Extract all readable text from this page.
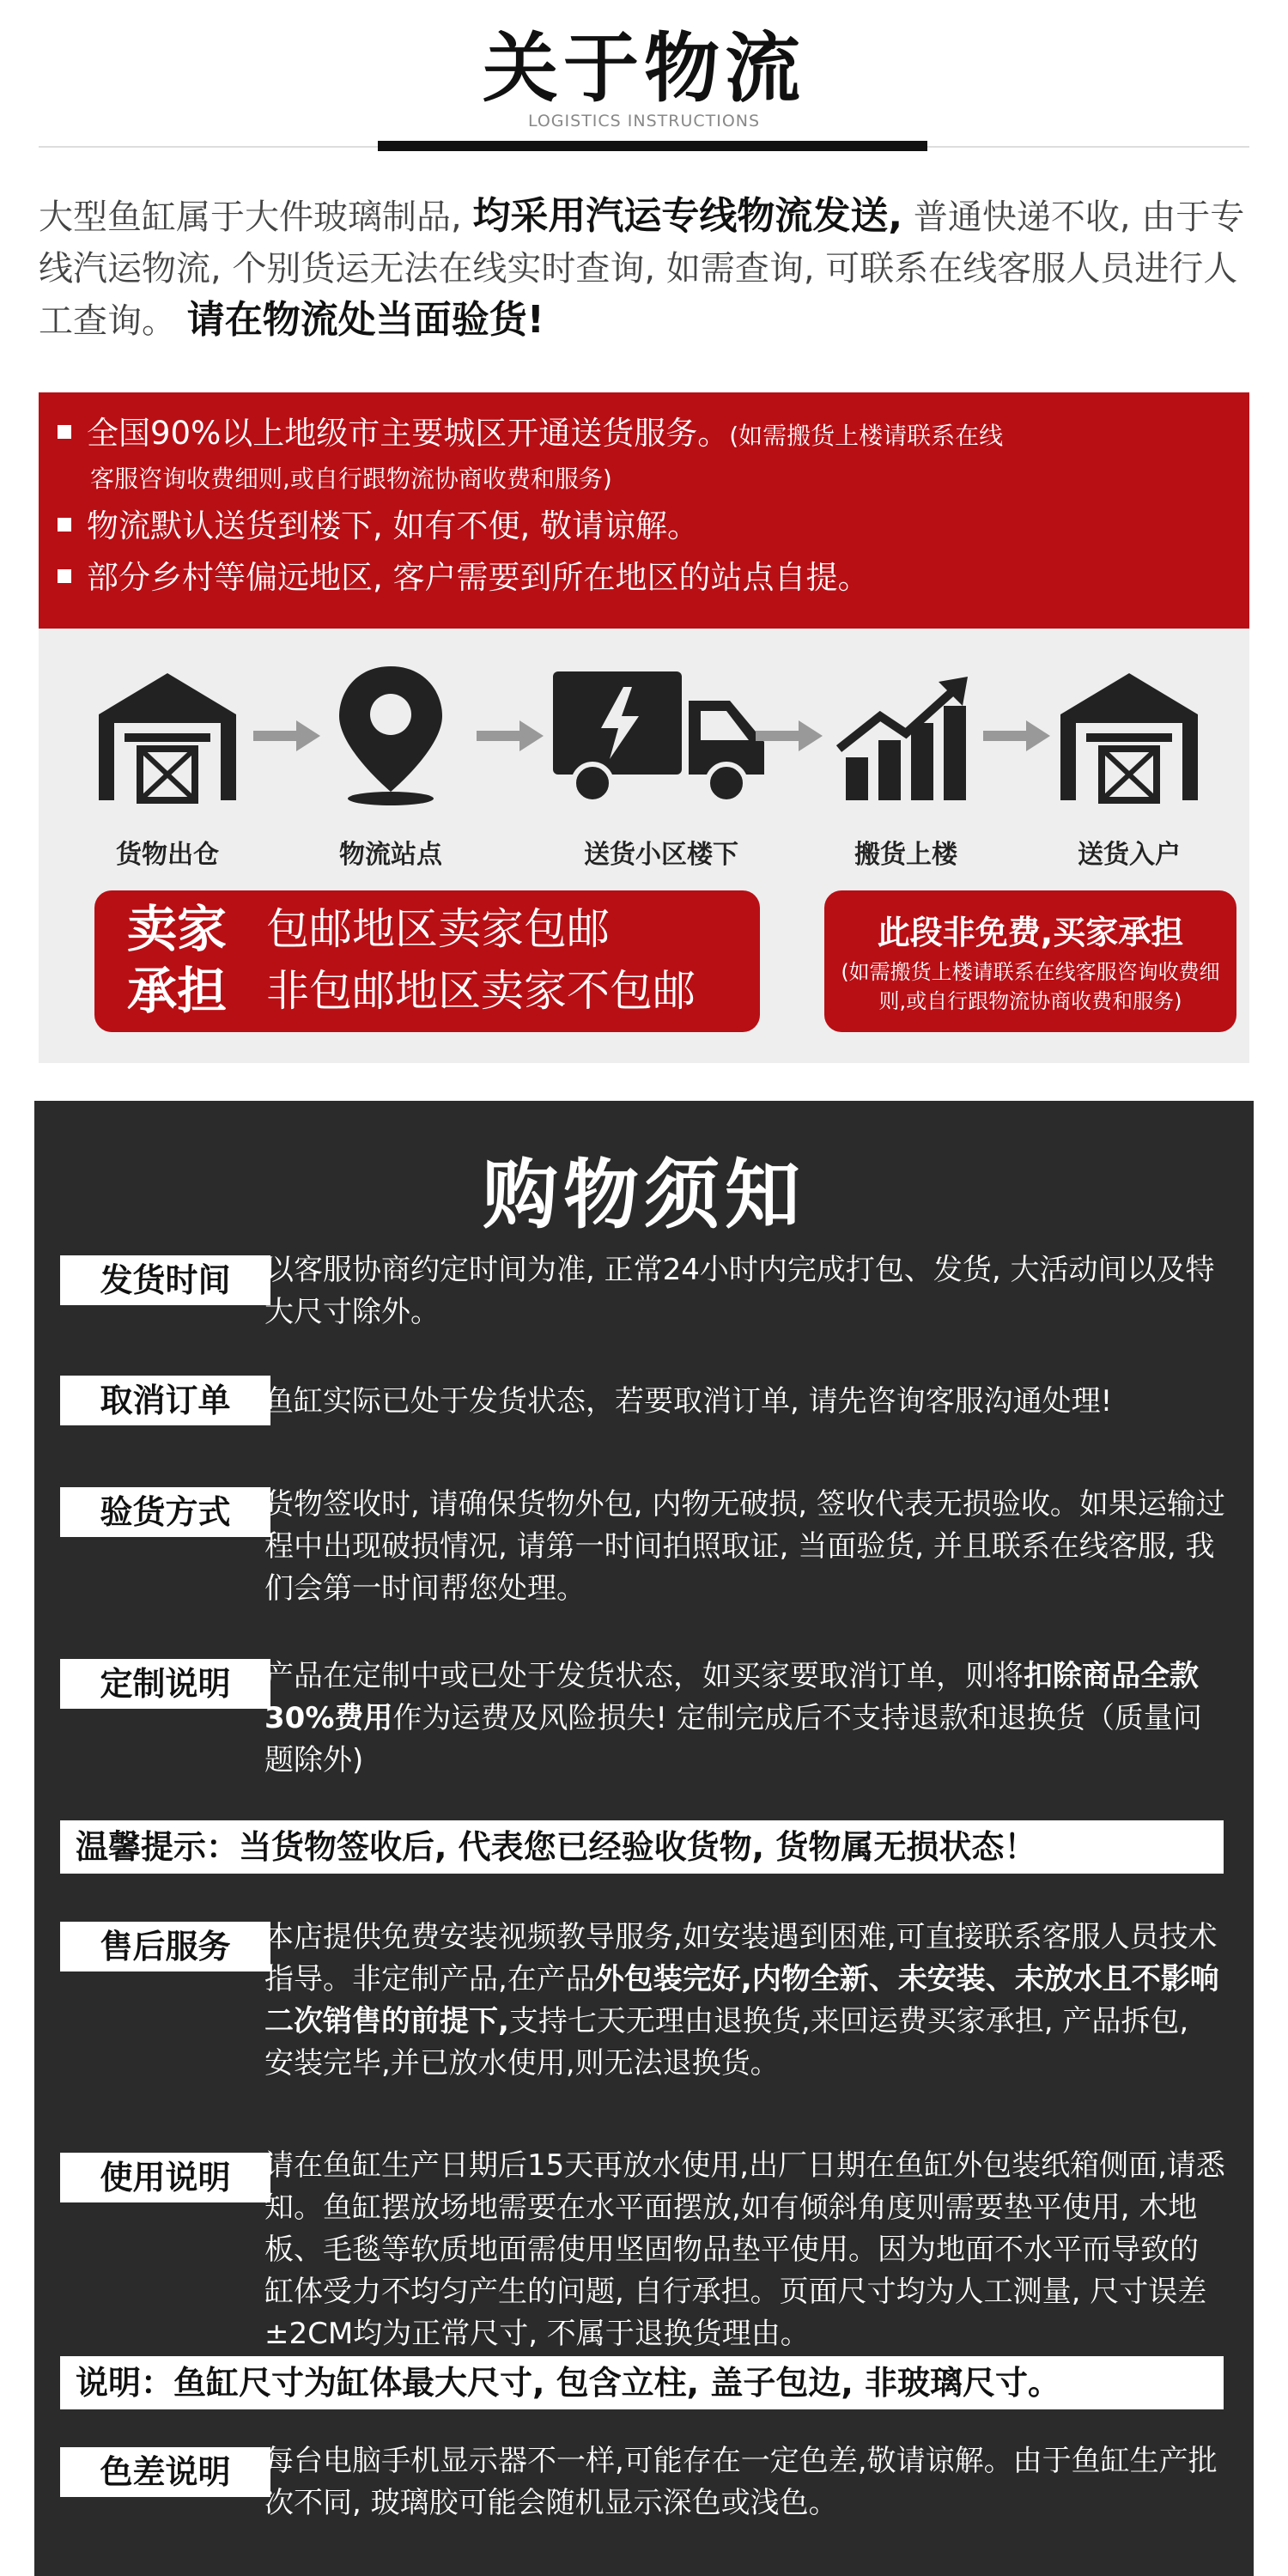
关于物流
LOGISTICS INSTRUCTIONS
大型鱼缸属于大件玻璃制品, 均采用汽运专线物流发送, 普通快递不收, 由于专线汽运物流, 个别货运无法在线实时查询, 如需查询, 可联系在线客服人员进行人工查询。 请在物流处当面验货!
全国90%以上地级市主要城区开通送货服务。(如需搬货上楼请联系在线
客服咨询收费细则,或自行跟物流协商收费和服务)
物流默认送货到楼下, 如有不便, 敬请谅解。
部分乡村等偏远地区, 客户需要到所在地区的站点自提。
货物出仓	物流站点	送货小区楼下	搬货上楼	送货入户
卖家
承担
包邮地区卖家包邮
非包邮地区卖家不包邮
此段非免费,买家承担
(如需搬货上楼请联系在线客服咨询收费细则,或自行跟物流协商收费和服务)
购物须知
发货时间	以客服协商约定时间为准, 正常24小时内完成打包、发货, 大活动间以及特大尺寸除外。
取消订单	鱼缸实际已处于发货状态，若要取消订单, 请先咨询客服沟通处理!
验货方式	货物签收时, 请确保货物外包, 内物无破损, 签收代表无损验收。如果运输过程中出现破损情况, 请第一时间拍照取证, 当面验货, 并且联系在线客服, 我们会第一时间帮您处理。
定制说明	产品在定制中或已处于发货状态，如买家要取消订单，则将扣除商品全款30%费用作为运费及风险损失! 定制完成后不支持退款和退换货（质量问题除外)
温馨提示：当货物签收后, 代表您已经验收货物, 货物属无损状态！
售后服务	本店提供免费安装视频教导服务,如安装遇到困难,可直接联系客服人员技术指导。非定制产品,在产品外包装完好,内物全新、未安装、未放水且不影响二次销售的前提下,支持七天无理由退换货,来回运费买家承担, 产品拆包, 安装完毕,并已放水使用,则无法退换货。
使用说明	请在鱼缸生产日期后15天再放水使用,出厂日期在鱼缸外包装纸箱侧面,请悉知。鱼缸摆放场地需要在水平面摆放,如有倾斜角度则需要垫平使用, 木地板、毛毯等软质地面需使用坚固物品垫平使用。因为地面不水平而导致的缸体受力不均匀产生的问题, 自行承担。页面尺寸均为人工测量, 尺寸误差±2CM均为正常尺寸, 不属于退换货理由。
说明：鱼缸尺寸为缸体最大尺寸, 包含立柱, 盖子包边, 非玻璃尺寸。
色差说明	每台电脑手机显示器不一样,可能存在一定色差,敬请谅解。由于鱼缸生产批次不同, 玻璃胶可能会随机显示深色或浅色。
